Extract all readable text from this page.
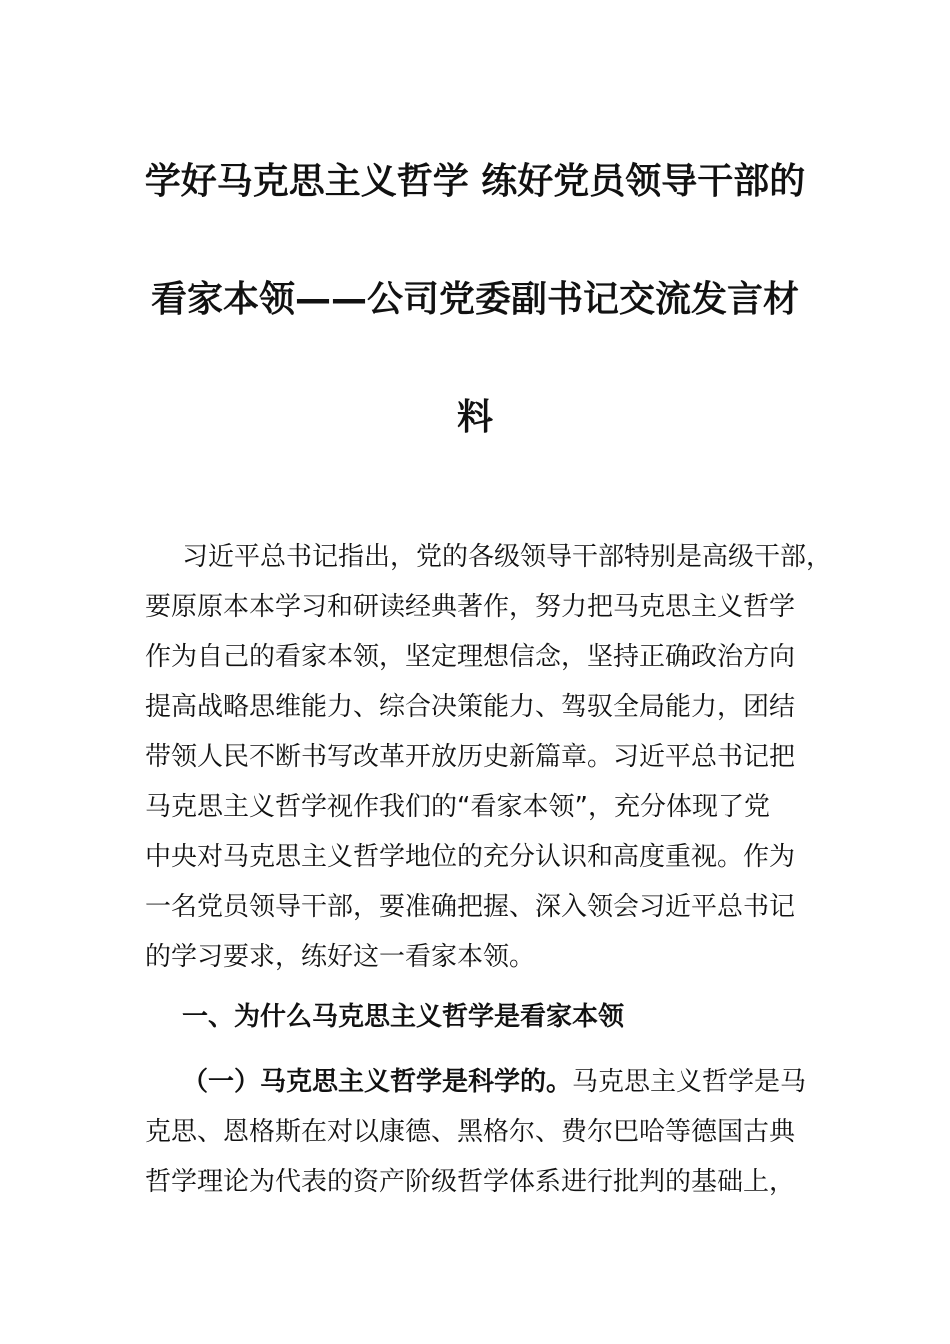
学好马克思主义哲学 练好党员领导干部的
看家本领——公司党委副书记交流发言材
料
习近平总书记指出，党的各级领导干部特别是高级干部，
要原原本本学习和研读经典著作，努力把马克思主义哲学
作为自己的看家本领，坚定理想信念，坚持正确政治方向
提高战略思维能力、综合决策能力、驾驭全局能力，团结
带领人民不断书写改革开放历史新篇章。习近平总书记把
马克思主义哲学视作我们的“看家本领”，充分体现了党
中央对马克思主义哲学地位的充分认识和高度重视。作为
一名党员领导干部，要准确把握、深入领会习近平总书记
的学习要求，练好这一看家本领。
一、为什么马克思主义哲学是看家本领
（一）马克思主义哲学是科学的。马克思主义哲学是马
克思、恩格斯在对以康德、黑格尔、费尔巴哈等德国古典
哲学理论为代表的资产阶级哲学体系进行批判的基础上，
